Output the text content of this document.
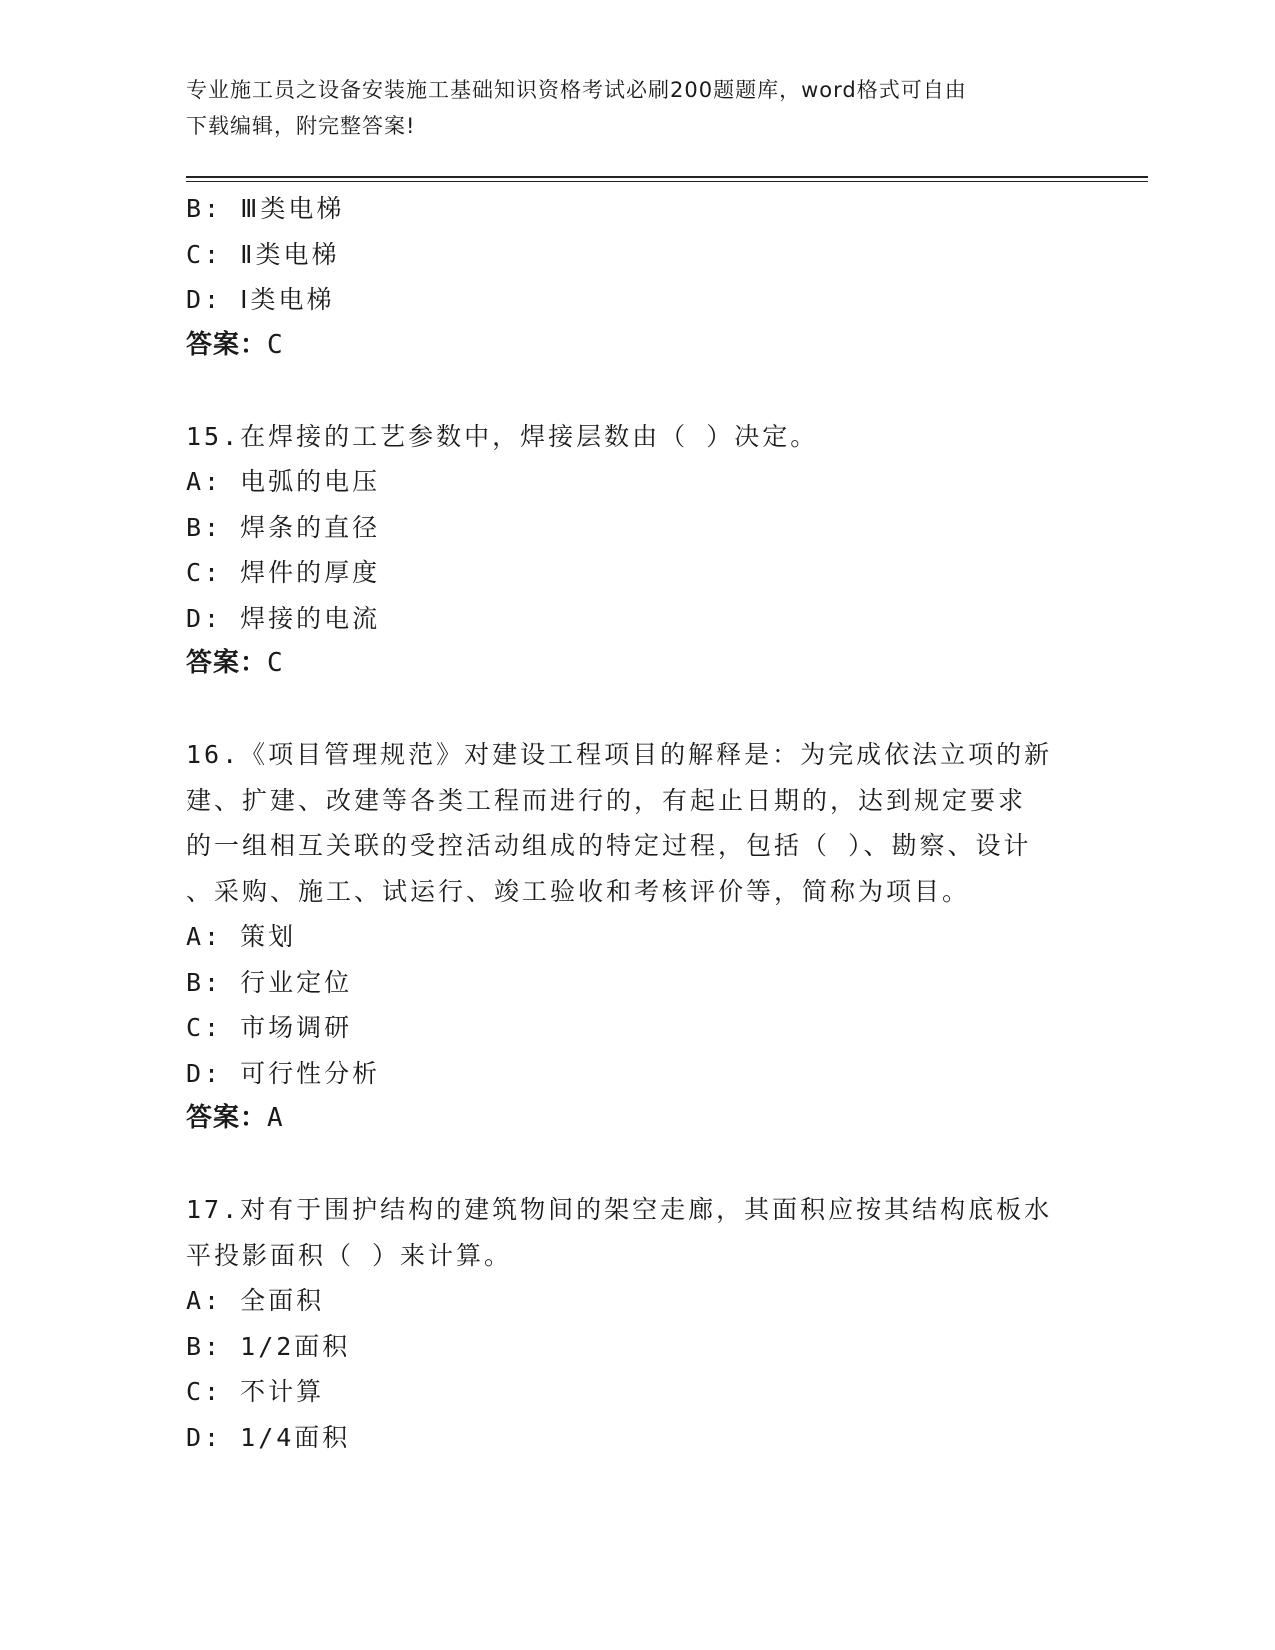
专业施工员之设备安装施工基础知识资格考试必刷200题题库，word格式可自由
下载编辑，附完整答案!
B: Ⅲ类电梯
C: Ⅱ类电梯
D: Ⅰ类电梯
答案：C
15.在焊接的工艺参数中，焊接层数由（ ）决定。
A: 电弧的电压
B: 焊条的直径
C: 焊件的厚度
D: 焊接的电流
答案：C
16.《项目管理规范》对建设工程项目的解释是：为完成依法立项的新
建、扩建、改建等各类工程而进行的，有起止日期的，达到规定要求
的一组相互关联的受控活动组成的特定过程，包括（ ）、勘察、设计
、采购、施工、试运行、竣工验收和考核评价等，简称为项目。
A: 策划
B: 行业定位
C: 市场调研
D: 可行性分析
答案：A
17.对有于围护结构的建筑物间的架空走廊，其面积应按其结构底板水
平投影面积（ ）来计算。
A: 全面积
B: 1/2面积
C: 不计算
D: 1/4面积
